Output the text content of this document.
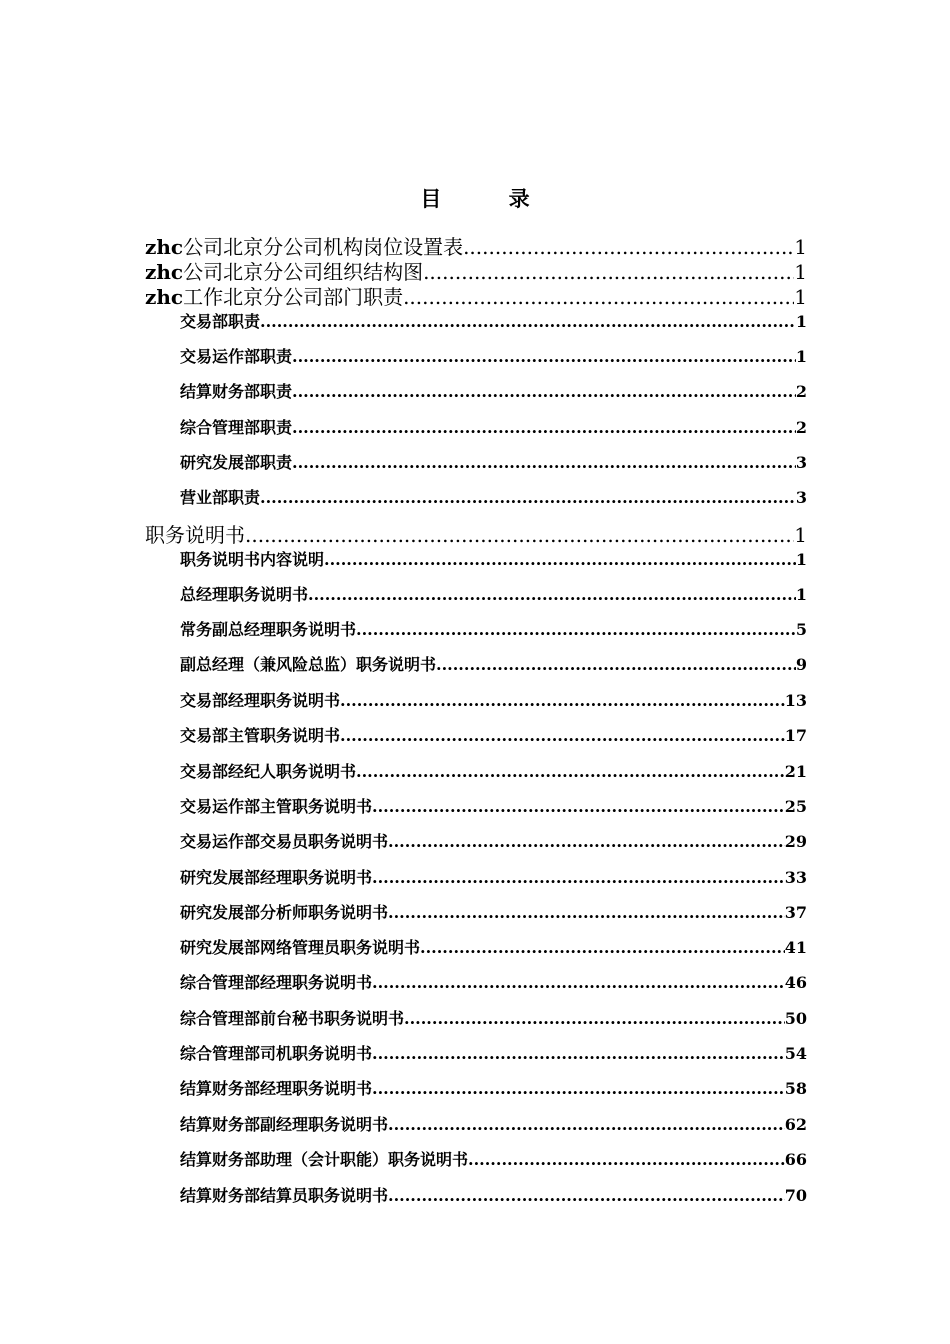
目 录
zhc公司北京分公司机构岗位设置表 .....	1
zhc公司北京分公司组织结构图 .....	1
zhc工作北京分公司部门职责 .....	1
交易部职责 .....	1
交易运作部职责 .....	1
结算财务部职责 .....	2
综合管理部职责 .....	2
研究发展部职责 .....	3
营业部职责 .....	3
职务说明书 .....	1
职务说明书内容说明 .....	1
总经理职务说明书 .....	1
常务副总经理职务说明书 .....	5
副总经理（兼风险总监）职务说明书 .....	9
交易部经理职务说明书 .....	13
交易部主管职务说明书 .....	17
交易部经纪人职务说明书 .....	21
交易运作部主管职务说明书 .....	25
交易运作部交易员职务说明书 .....	29
研究发展部经理职务说明书 .....	33
研究发展部分析师职务说明书 .....	37
研究发展部网络管理员职务说明书 .....	41
综合管理部经理职务说明书 .....	46
综合管理部前台秘书职务说明书 .....	50
综合管理部司机职务说明书 .....	54
结算财务部经理职务说明书 .....	58
结算财务部副经理职务说明书 .....	62
结算财务部助理（会计职能）职务说明书 .....	66
结算财务部结算员职务说明书 .....	70
